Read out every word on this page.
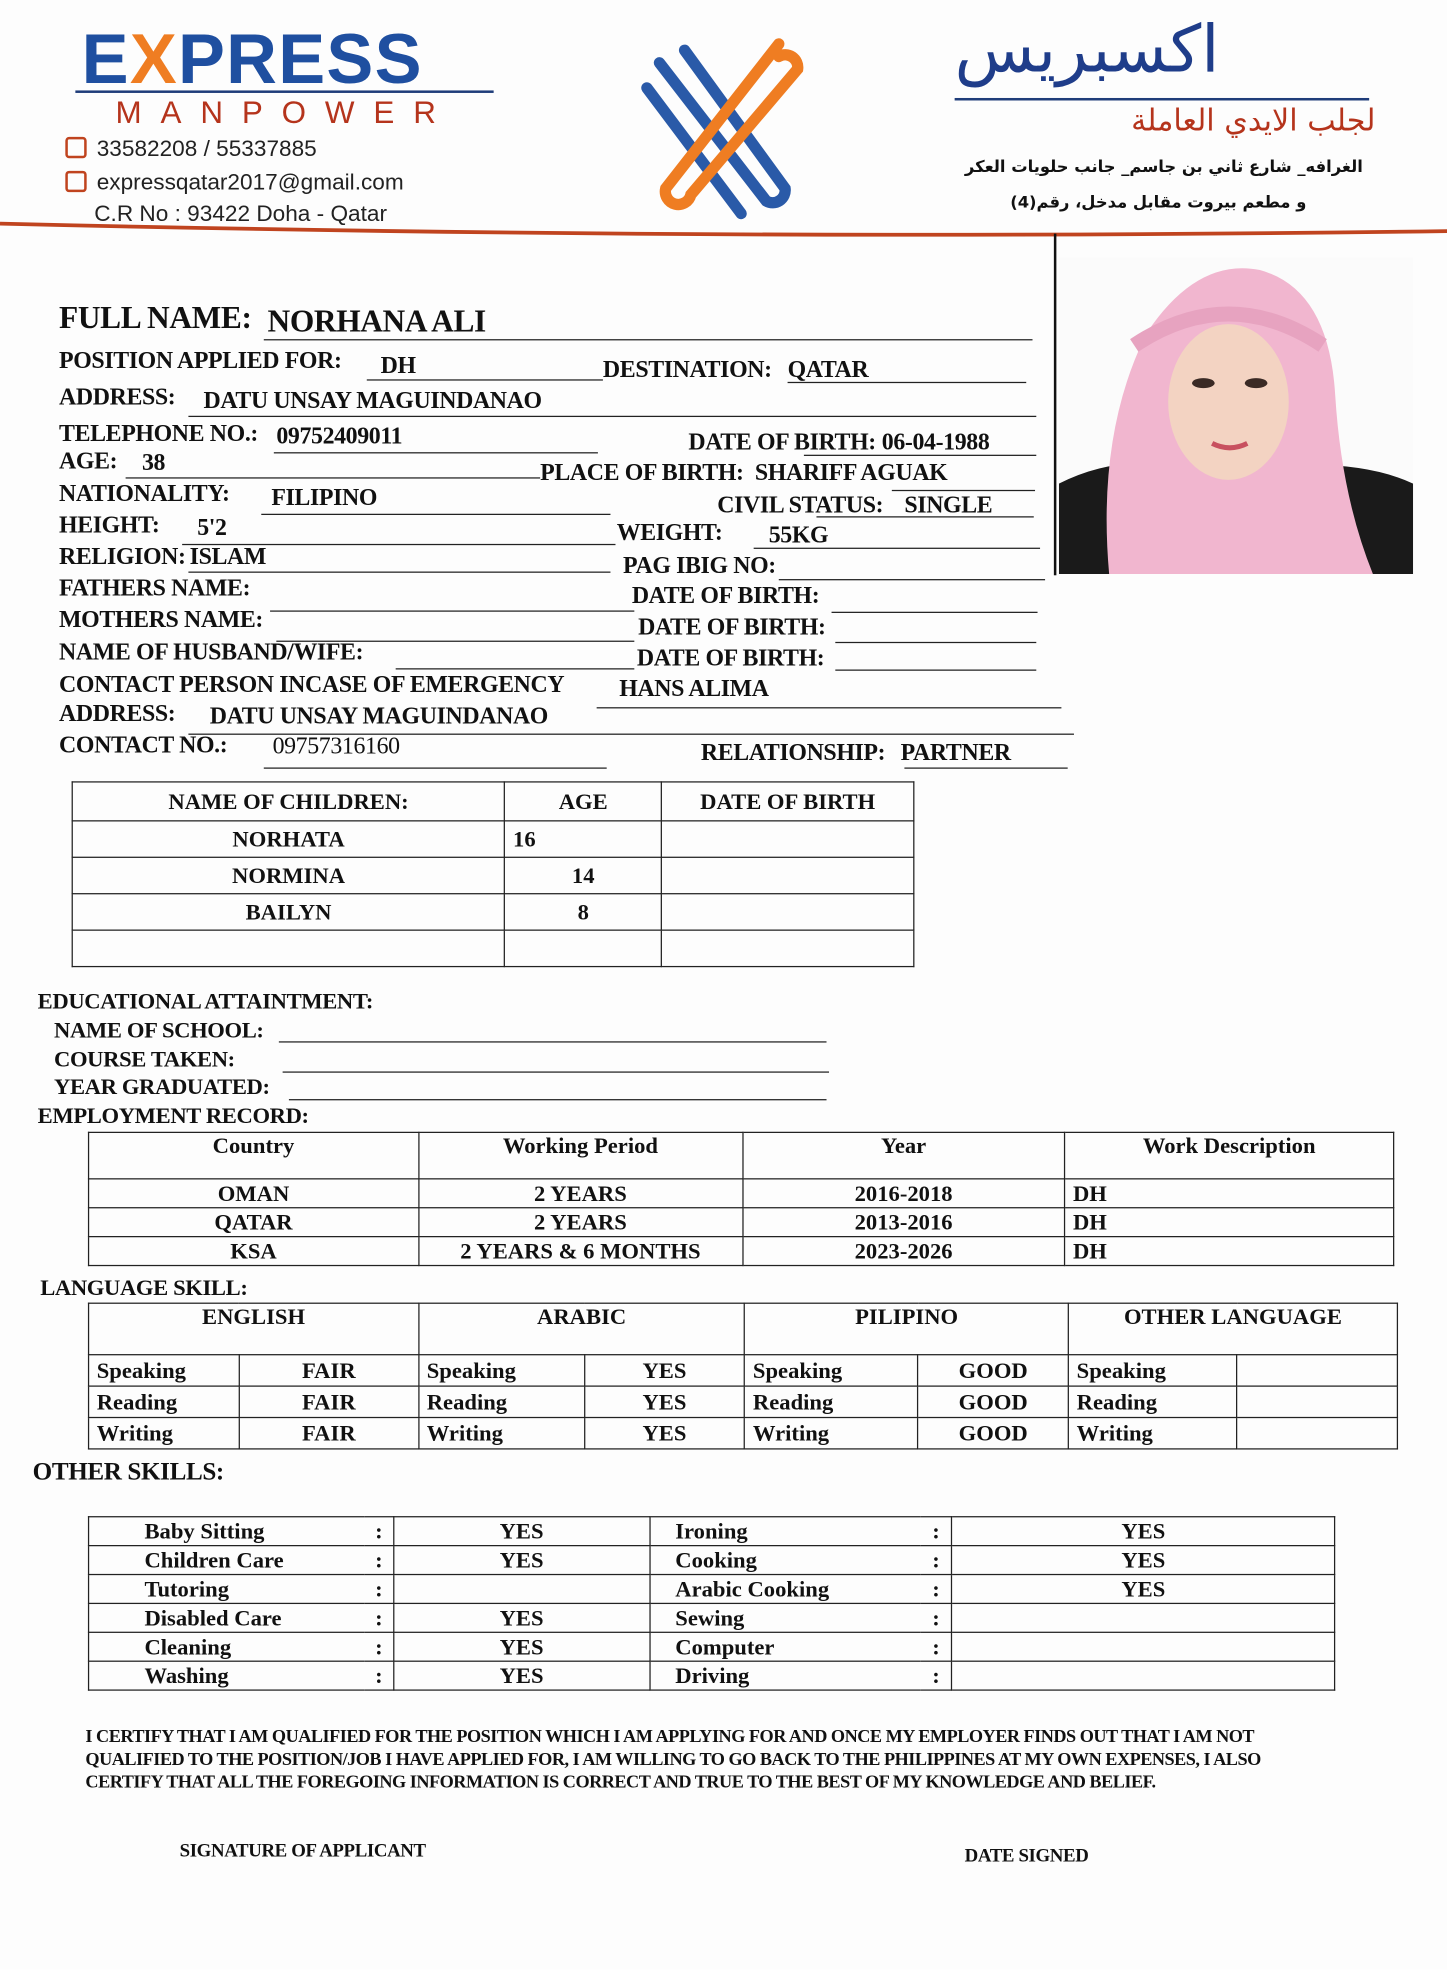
EXPRESS
MANPOWER
33582208 / 55337885
expressqatar2017@gmail.com
C.R No : 93422 Doha - Qatar
اكسبريس
لجلب الايدي العاملة
الغرافه_ شارع ثاني بن جاسم_ جانب حلويات العكر
و مطعم بيروت مقابل مدخل، رقم(4)
FULL NAME: NORHANA ALI
POSITION APPLIED FOR: DH	DESTINATION: QATAR
ADDRESS: DATU UNSAY MAGUINDANAO
TELEPHONE NO.: 09752409011	DATE OF BIRTH: 06-04-1988
AGE: 38	PLACE OF BIRTH: SHARIFF AGUAK
NATIONALITY: FILIPINO	CIVIL STATUS: SINGLE
HEIGHT: 5'2	WEIGHT: 55KG
RELIGION: ISLAM	PAG IBIG NO:
FATHERS NAME:	DATE OF BIRTH:
MOTHERS NAME:	DATE OF BIRTH:
NAME OF HUSBAND/WIFE:	DATE OF BIRTH:
CONTACT PERSON INCASE OF EMERGENCY	HANS ALIMA
ADDRESS: DATU UNSAY MAGUINDANAO
CONTACT NO.: 09757316160	RELATIONSHIP: PARTNER
NAME OF CHILDREN:	AGE	DATE OF BIRTH
NORHATA	16	
NORMINA	14	
BAILYN	8	

EDUCATIONAL ATTAINTMENT:
NAME OF SCHOOL:
COURSE TAKEN:
YEAR GRADUATED:
EMPLOYMENT RECORD:
Country	Working Period	Year	Work Description
OMAN	2 YEARS	2016-2018	DH
QATAR	2 YEARS	2013-2016	DH
KSA	2 YEARS & 6 MONTHS	2023-2026	DH
LANGUAGE SKILL:
ENGLISH		ARABIC		PILIPINO		OTHER LANGUAGE	
Speaking	FAIR	Speaking	YES	Speaking	GOOD	Speaking	
Reading	FAIR	Reading	YES	Reading	GOOD	Reading	
Writing	FAIR	Writing	YES	Writing	GOOD	Writing	
OTHER SKILLS:
Baby Sitting	:	YES	Ironing	:	YES
Children Care	:	YES	Cooking	:	YES
Tutoring	:		Arabic Cooking	:	YES
Disabled Care	:	YES	Sewing	:	
Cleaning	:	YES	Computer	:	
Washing	:	YES	Driving	:	
I CERTIFY THAT I AM QUALIFIED FOR THE POSITION WHICH I AM APPLYING FOR AND ONCE MY EMPLOYER FINDS OUT THAT I AM NOT QUALIFIED TO THE POSITION/JOB I HAVE APPLIED FOR, I AM WILLING TO GO BACK TO THE PHILIPPINES AT MY OWN EXPENSES, I ALSO CERTIFY THAT ALL THE FOREGOING INFORMATION IS CORRECT AND TRUE TO THE BEST OF MY KNOWLEDGE AND BELIEF.
SIGNATURE OF APPLICANT	DATE SIGNED
